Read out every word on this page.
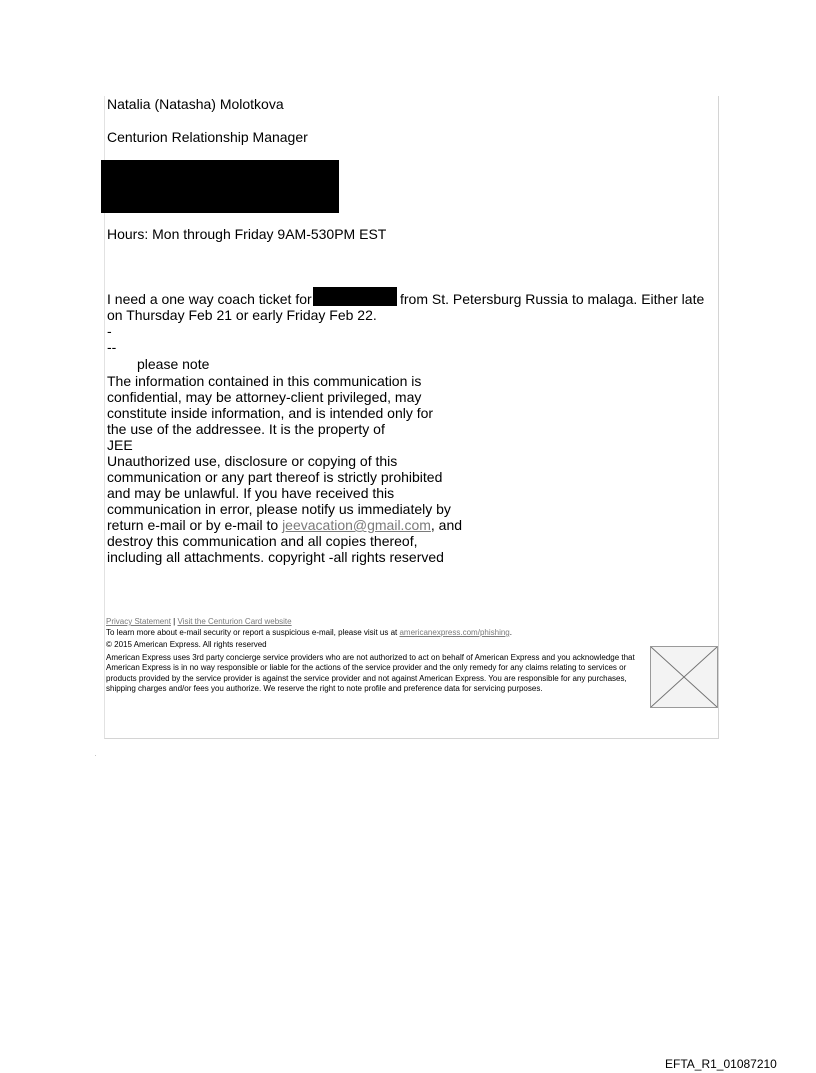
Natalia (Natasha) Molotkova
Centurion Relationship Manager
Hours: Mon through Friday 9AM-530PM EST
I need a one way coach ticket for	from St. Petersburg Russia to malaga. Either late
on Thursday Feb 21 or early Friday Feb 22.
-
--
please note
The information contained in this communication is
confidential, may be attorney-client privileged, may
constitute inside information, and is intended only for
the use of the addressee. It is the property of
JEE
Unauthorized use, disclosure or copying of this
communication or any part thereof is strictly prohibited
and may be unlawful. If you have received this
communication in error, please notify us immediately by
return e-mail or by e-mail to jeevacation@gmail.com, and
destroy this communication and all copies thereof,
including all attachments. copyright -all rights reserved
Privacy Statement | Visit the Centurion Card website
To learn more about e-mail security or report a suspicious e-mail, please visit us at americanexpress.com/phishing.
© 2015 American Express. All rights reserved

American Express uses 3rd party concierge service providers who are not authorized to act on behalf of American Express and you acknowledge that American Express is in no way responsible or liable for the actions of the service provider and the only remedy for any claims relating to services or products provided by the service provider is against the service provider and not against American Express. You are responsible for any purchases, shipping charges and/or fees you authorize. We reserve the right to note profile and preference data for servicing purposes.

.
EFTA_R1_01087210
